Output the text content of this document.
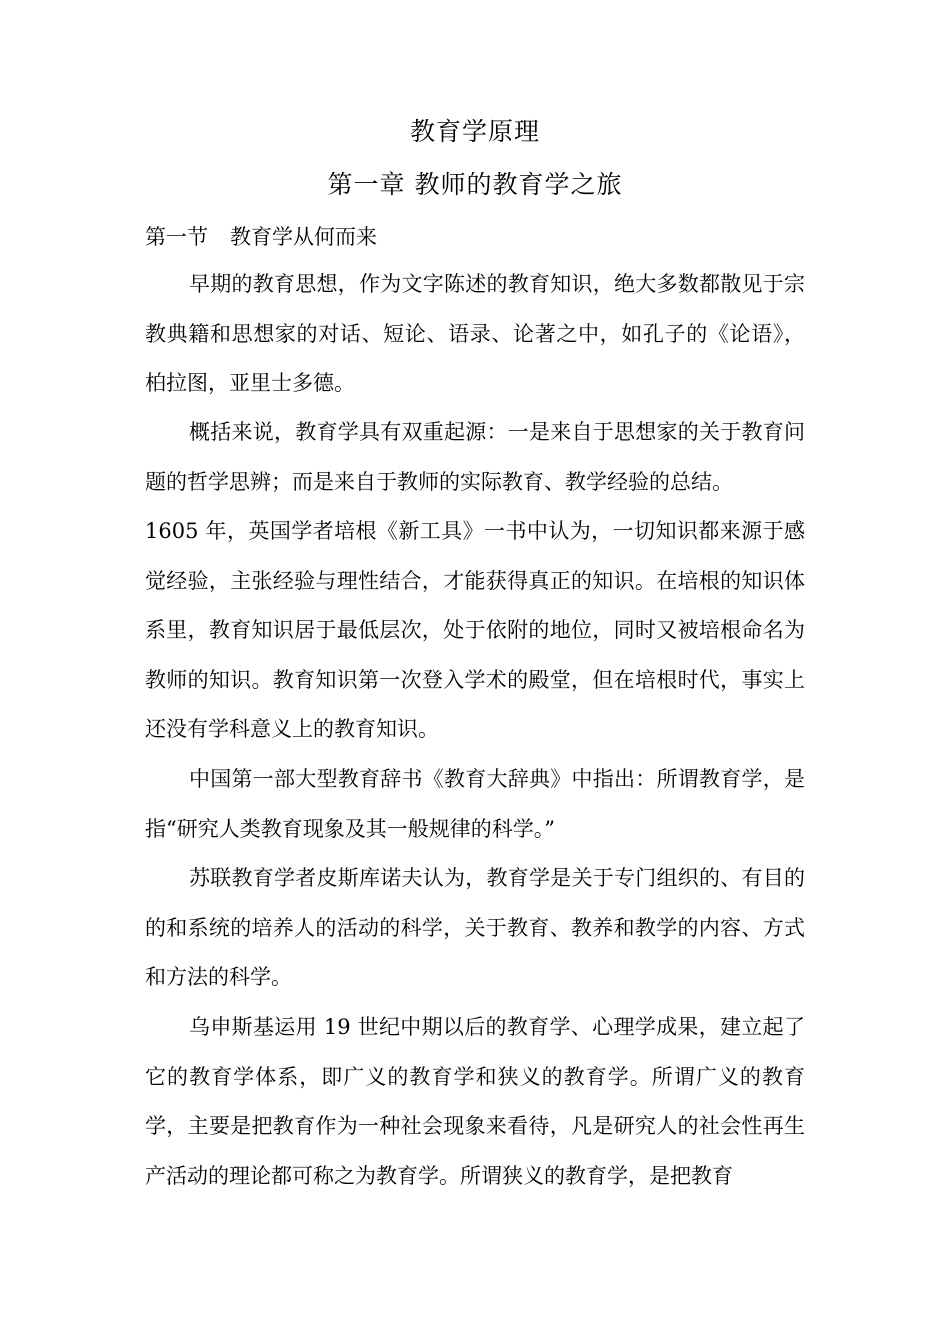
教育学原理
第一章 教师的教育学之旅
第一节 教育学从何而来

早期的教育思想，作为文字陈述的教育知识，绝大多数都散见于宗教典籍和思想家的对话、短论、语录、论著之中，如孔子的《论语》，柏拉图，亚里士多德。

概括来说，教育学具有双重起源：一是来自于思想家的关于教育问题的哲学思辨；而是来自于教师的实际教育、教学经验的总结。

1605 年，英国学者培根《新工具》一书中认为，一切知识都来源于感觉经验，主张经验与理性结合，才能获得真正的知识。在培根的知识体系里，教育知识居于最低层次，处于依附的地位，同时又被培根命名为教师的知识。教育知识第一次登入学术的殿堂，但在培根时代，事实上还没有学科意义上的教育知识。

中国第一部大型教育辞书《教育大辞典》中指出：所谓教育学，是指“研究人类教育现象及其一般规律的科学。”

苏联教育学者皮斯库诺夫认为，教育学是关于专门组织的、有目的的和系统的培养人的活动的科学，关于教育、教养和教学的内容、方式和方法的科学。

乌申斯基运用 19 世纪中期以后的教育学、心理学成果，建立起了它的教育学体系，即广义的教育学和狭义的教育学。所谓广义的教育学，主要是把教育作为一种社会现象来看待，凡是研究人的社会性再生产活动的理论都可称之为教育学。所谓狭义的教育学，是把教育
